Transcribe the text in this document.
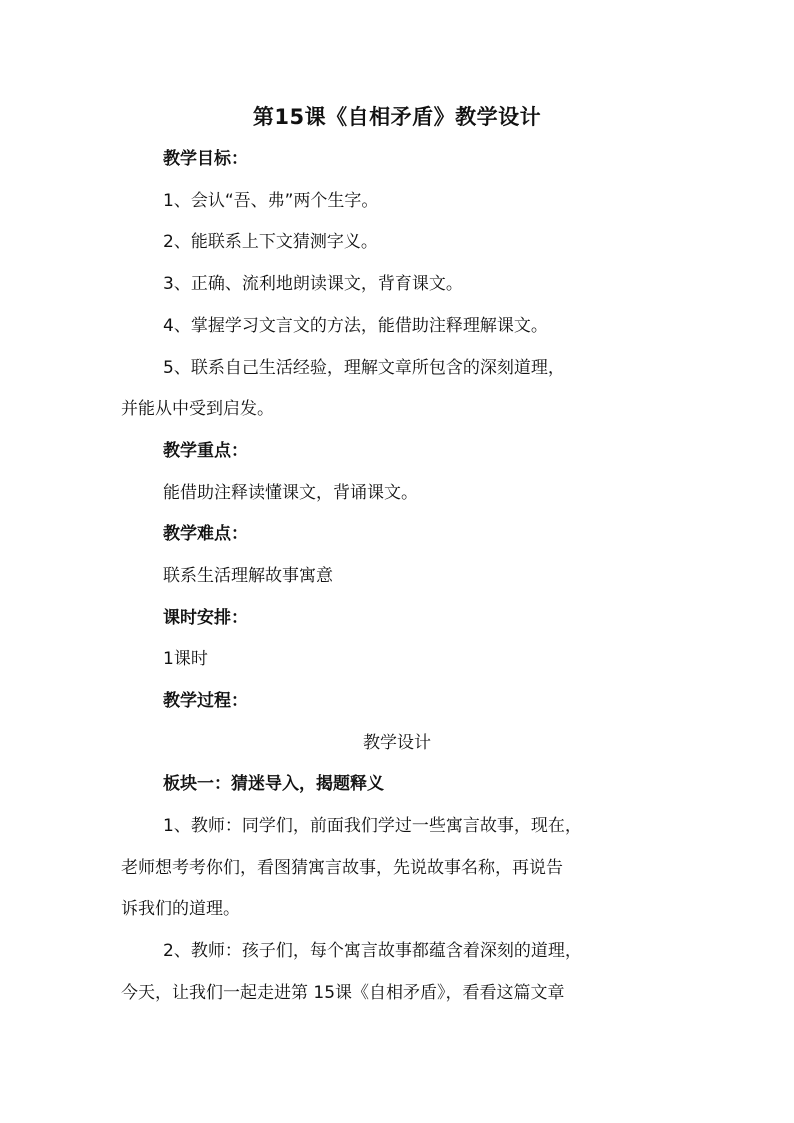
第15课《自相矛盾》教学设计
教学目标：
1、会认“吾、弗”两个生字。
2、能联系上下文猜测字义。
3、正确、流利地朗读课文，背育课文。
4、掌握学习文言文的方法，能借助注释理解课文。
5、联系自己生活经验，理解文章所包含的深刻道理，
并能从中受到启发。
教学重点：
能借助注释读懂课文，背诵课文。
教学难点：
联系生活理解故事寓意
课时安排：
1课时
教学过程：
教学设计
板块一：猜迷导入，揭题释义
1、教师：同学们，前面我们学过一些寓言故事，现在，
老师想考考你们，看图猜寓言故事，先说故事名称，再说告
诉我们的道理。
2、教师：孩子们，每个寓言故事都蕴含着深刻的道理，
今天，让我们一起走进第 15课《自相矛盾》，看看这篇文章
